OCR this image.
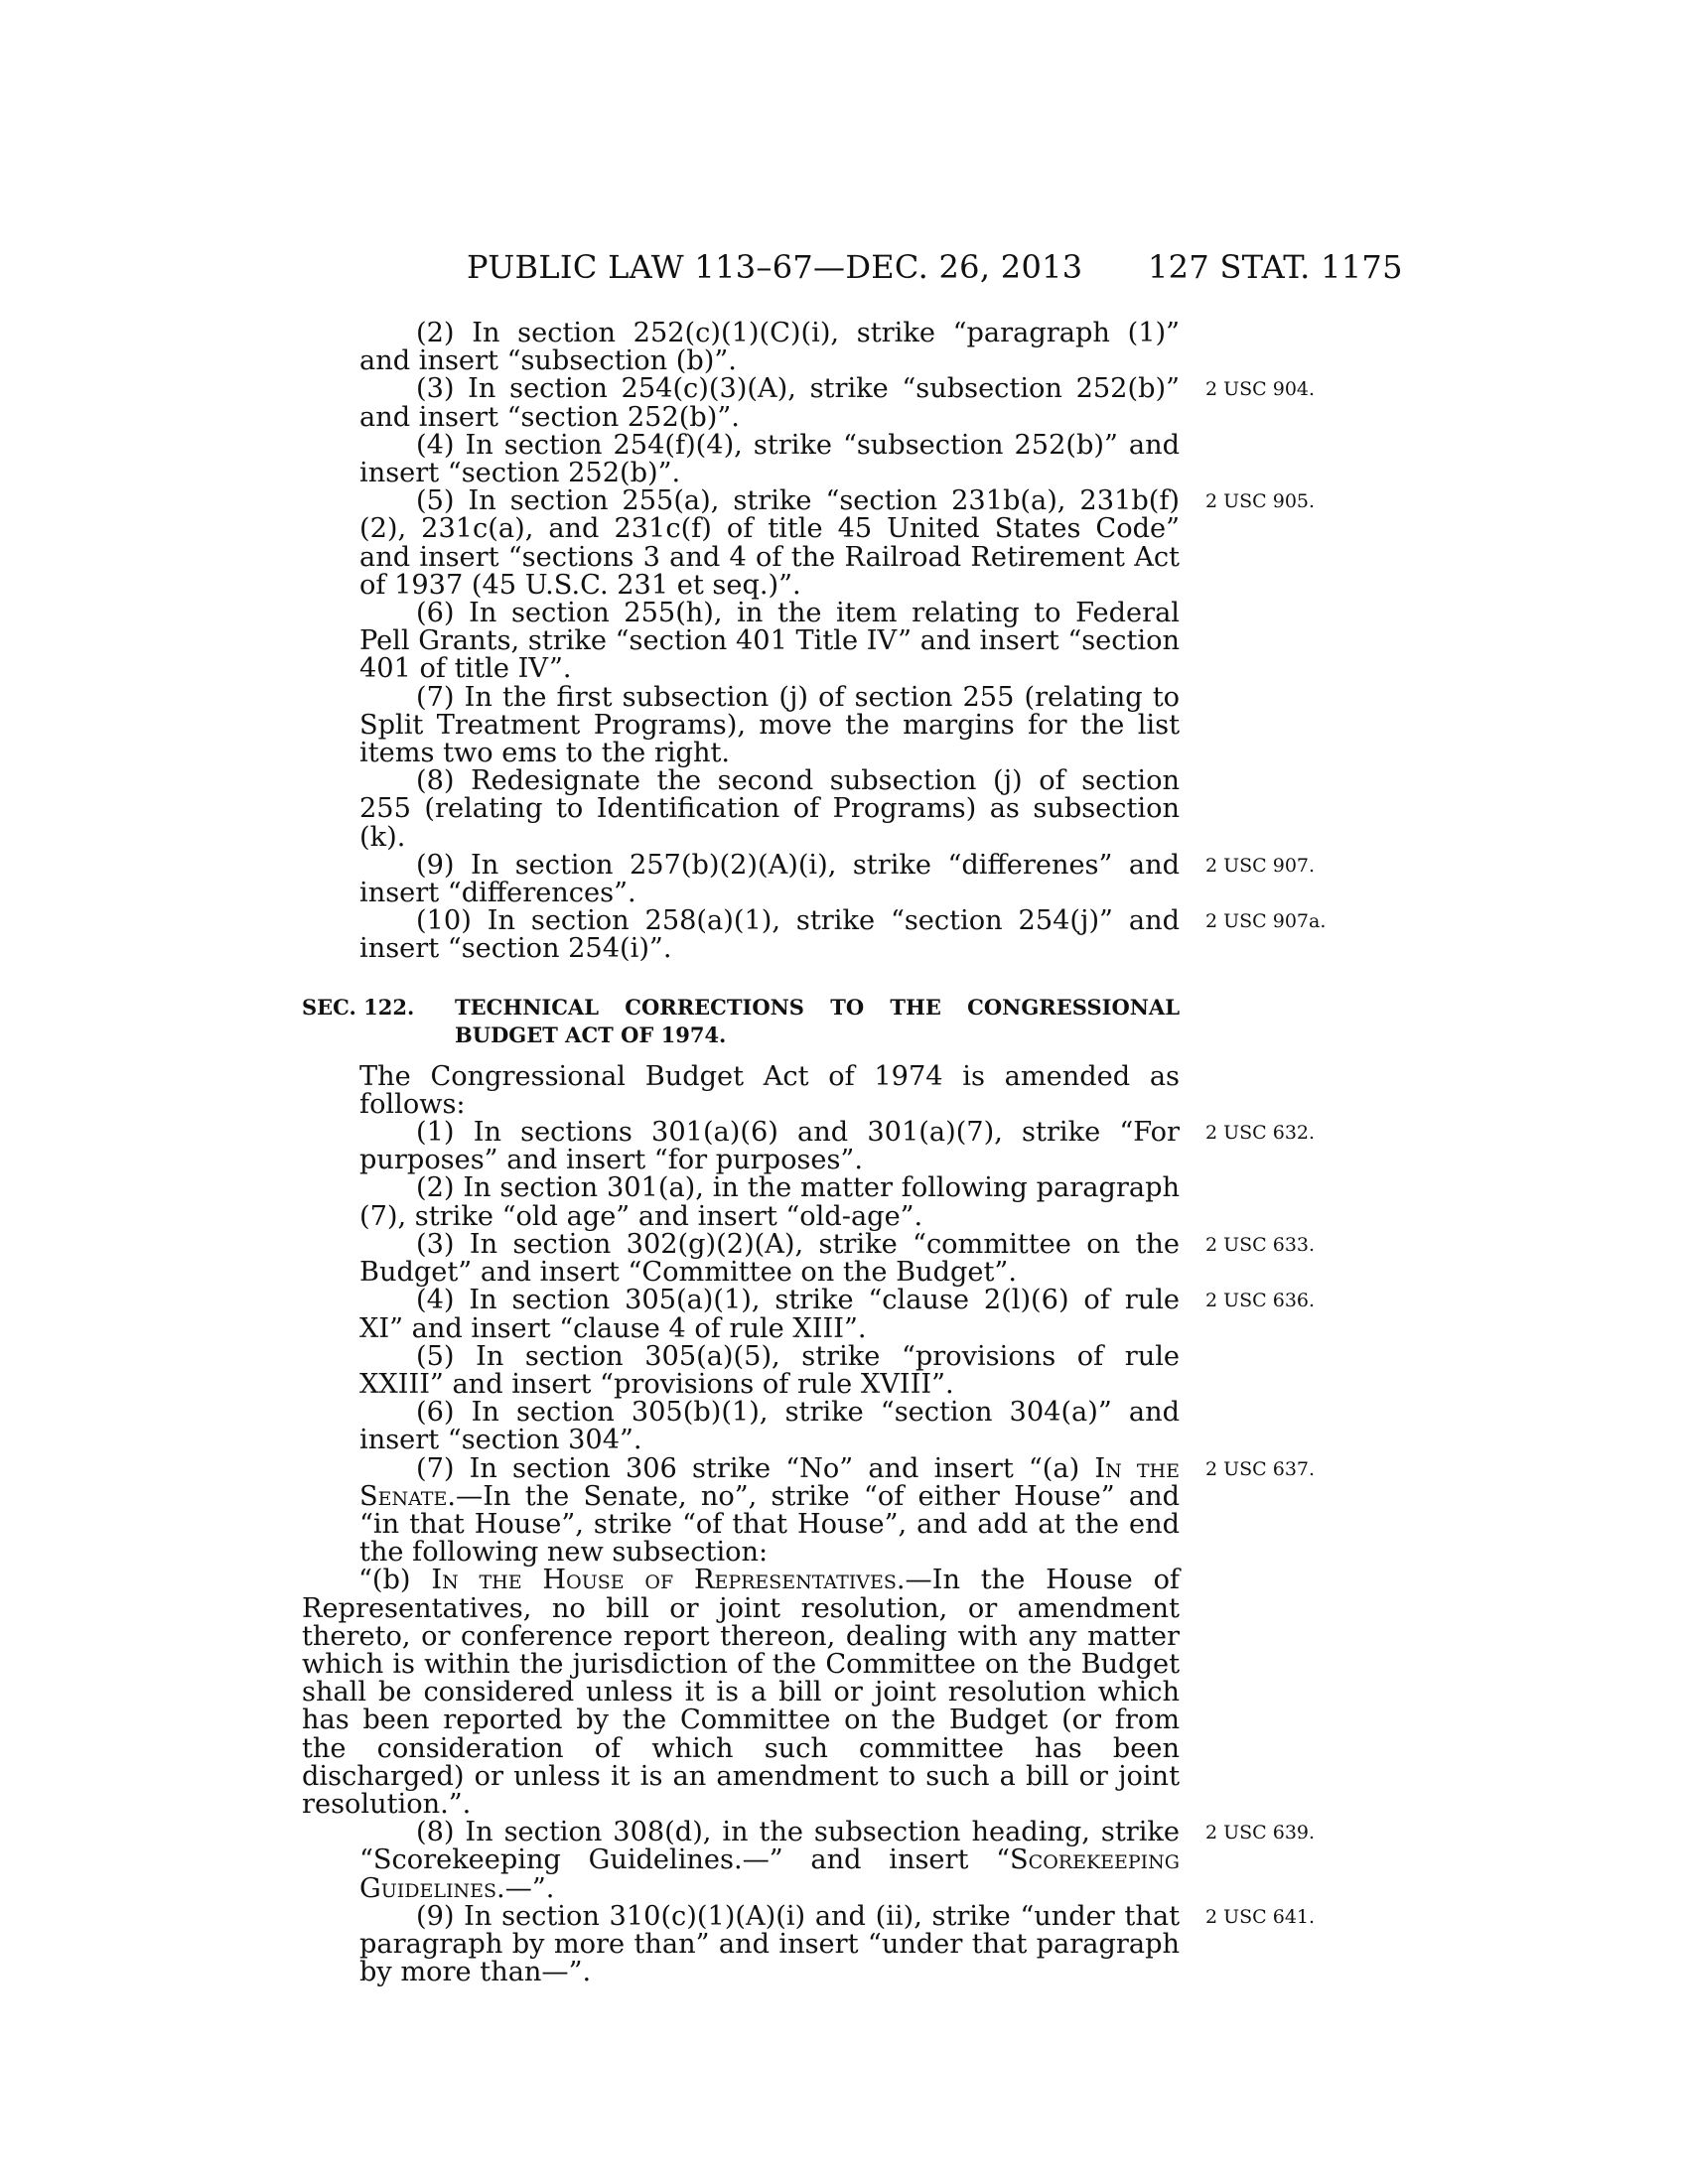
PUBLIC LAW 113–67—DEC. 26, 2013 127 STAT. 1175

(2) In section 252(c)(1)(C)(i), strike “paragraph (1)” and insert “subsection (b)”.

(3) In section 254(c)(3)(A), strike “subsection 252(b)” and insert “section 252(b)”.
2 USC 904.

(4) In section 254(f)(4), strike “subsection 252(b)” and insert “section 252(b)”.

(5) In section 255(a), strike “section 231b(a), 231b(f)(2), 231c(a), and 231c(f) of title 45 United States Code” and insert “sections 3 and 4 of the Railroad Retirement Act of 1937 (45 U.S.C. 231 et seq.)”.
2 USC 905.

(6) In section 255(h), in the item relating to Federal Pell Grants, strike “section 401 Title IV” and insert “section 401 of title IV”.

(7) In the first subsection (j) of section 255 (relating to Split Treatment Programs), move the margins for the list items two ems to the right.

(8) Redesignate the second subsection (j) of section 255 (relating to Identification of Programs) as subsection (k).

(9) In section 257(b)(2)(A)(i), strike “differenes” and insert “differences”.
2 USC 907.

(10) In section 258(a)(1), strike “section 254(j)” and insert “section 254(i)”.
2 USC 907a.

SEC. 122. TECHNICAL CORRECTIONS TO THE CONGRESSIONAL BUDGET ACT OF 1974.

The Congressional Budget Act of 1974 is amended as follows:

(1) In sections 301(a)(6) and 301(a)(7), strike “For purposes” and insert “for purposes”.
2 USC 632.

(2) In section 301(a), in the matter following paragraph (7), strike “old age” and insert “old-age”.

(3) In section 302(g)(2)(A), strike “committee on the Budget” and insert “Committee on the Budget”.
2 USC 633.

(4) In section 305(a)(1), strike “clause 2(l)(6) of rule XI” and insert “clause 4 of rule XIII”.
2 USC 636.

(5) In section 305(a)(5), strike “provisions of rule XXIII” and insert “provisions of rule XVIII”.

(6) In section 305(b)(1), strike “section 304(a)” and insert “section 304”.

(7) In section 306 strike “No” and insert “(a) In the Senate.—In the Senate, no”, strike “of either House” and “in that House”, strike “of that House”, and add at the end the following new subsection:
2 USC 637.

“(b) In the House of Representatives.—In the House of Representatives, no bill or joint resolution, or amendment thereto, or conference report thereon, dealing with any matter which is within the jurisdiction of the Committee on the Budget shall be considered unless it is a bill or joint resolution which has been reported by the Committee on the Budget (or from the consideration of which such committee has been discharged) or unless it is an amendment to such a bill or joint resolution.”.

(8) In section 308(d), in the subsection heading, strike “Scorekeeping Guidelines.—” and insert “Scorekeeping Guidelines.—”.
2 USC 639.

(9) In section 310(c)(1)(A)(i) and (ii), strike “under that paragraph by more than” and insert “under that paragraph by more than—”.
2 USC 641.
